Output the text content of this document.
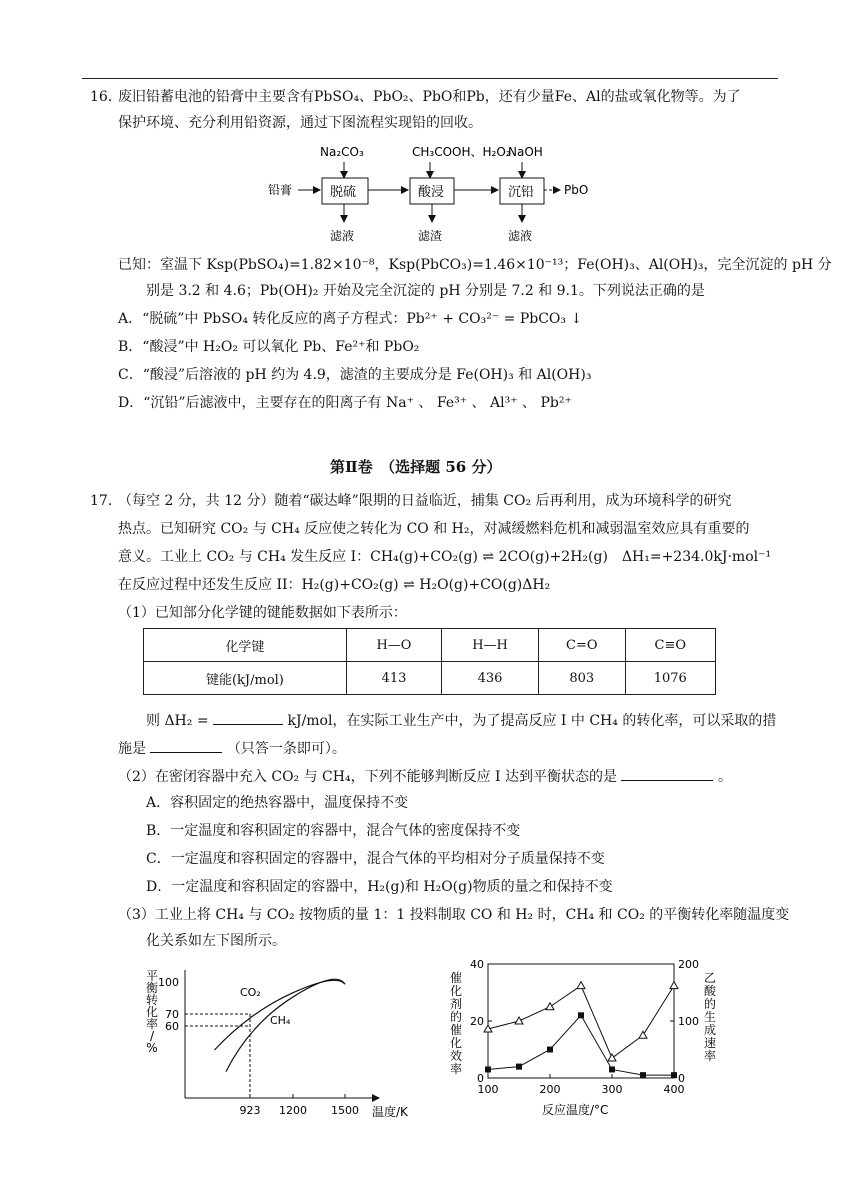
16．
废旧铅蓄电池的铅膏中主要含有PbSO₄、PbO₂、PbO和Pb，还有少量Fe、Al的盐或氧化物等。为了
保护环境、充分利用铅资源，通过下图流程实现铅的回收。
Na₂CO₃	CH₃COOH、H₂O₂
NaOH
铅膏	脱硫	酸浸	沉铅 PbO
滤液	滤渣	滤液
已知：室温下 Ksp(PbSO₄)=1.82×10⁻⁸，Ksp(PbCO₃)=1.46×10⁻¹³；Fe(OH)₃、Al(OH)₃，完全沉淀的 pH 分
别是 3.2 和 4.6；Pb(OH)₂ 开始及完全沉淀的 pH 分别是 7.2 和 9.1。下列说法正确的是
A．“脱硫”中 PbSO₄ 转化反应的离子方程式：Pb²⁺ + CO₃²⁻ = PbCO₃ ↓
B．“酸浸”中 H₂O₂ 可以氧化 Pb、Fe²⁺和 PbO₂
C．“酸浸”后溶液的 pH 约为 4.9，滤渣的主要成分是 Fe(OH)₃ 和 Al(OH)₃
D．“沉铅”后滤液中，主要存在的阳离子有 Na⁺ 、 Fe³⁺ 、 Al³⁺ 、 Pb²⁺
第Ⅱ卷　（选择题 56 分）
17．
（每空 2 分，共 12 分）随着“碳达峰”限期的日益临近，捕集 CO₂ 后再利用，成为环境科学的研究
热点。已知研究 CO₂ 与 CH₄ 反应使之转化为 CO 和 H₂，对减缓燃料危机和减弱温室效应具有重要的
意义。工业上 CO₂ 与 CH₄ 发生反应 I：CH₄(g)+CO₂(g) ⇌ 2CO(g)+2H₂(g)　ΔH₁=+234.0kJ·mol⁻¹
在反应过程中还发生反应 II：H₂(g)+CO₂(g) ⇌ H₂O(g)+CO(g)ΔH₂
（1）已知部分化学键的键能数据如下表所示：
化学键	H—O	H—H	C=O	C≡O
键能(kJ/mol)	413	436	803	1076
则 ΔH₂ =	kJ/mol，在实际工业生产中，为了提高反应 I 中 CH₄ 的转化率，可以采取的措
施是	（只答一条即可）。
（2）在密闭容器中充入 CO₂ 与 CH₄，下列不能够判断反应 I 达到平衡状态的是	。
A．容积固定的绝热容器中，温度保持不变
B．一定温度和容积固定的容器中，混合气体的密度保持不变
C．一定温度和容积固定的容器中，混合气体的平均相对分子质量保持不变
D．一定温度和容积固定的容器中，H₂(g)和 H₂O(g)物质的量之和保持不变
（3）工业上将 CH₄ 与 CO₂ 按物质的量 1：1 投料制取 CO 和 H₂ 时，CH₄ 和 CO₂ 的平衡转化率随温度变
化关系如左下图所示。
平
衡
转
化
率
/
%
923 1200 1500
60
70
100
CO₂
CH₄
温度/K
催
化
剂
的
催
化
效
率
乙
酸
的
生
成
速
率
100	200	300	400
0
20
40
0
100
200
反应温度/°C
